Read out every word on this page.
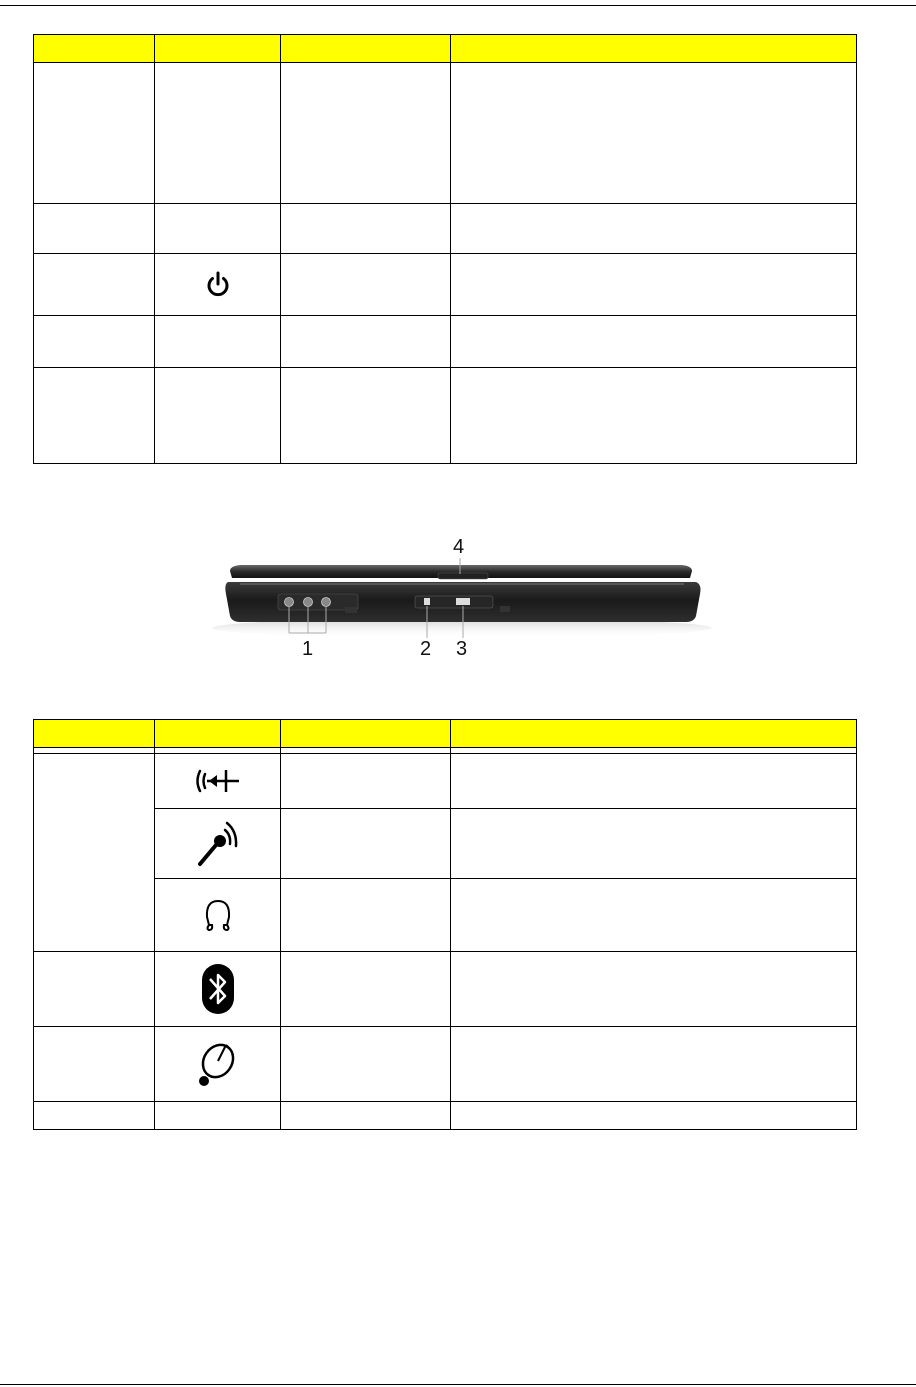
4
1	2 3
